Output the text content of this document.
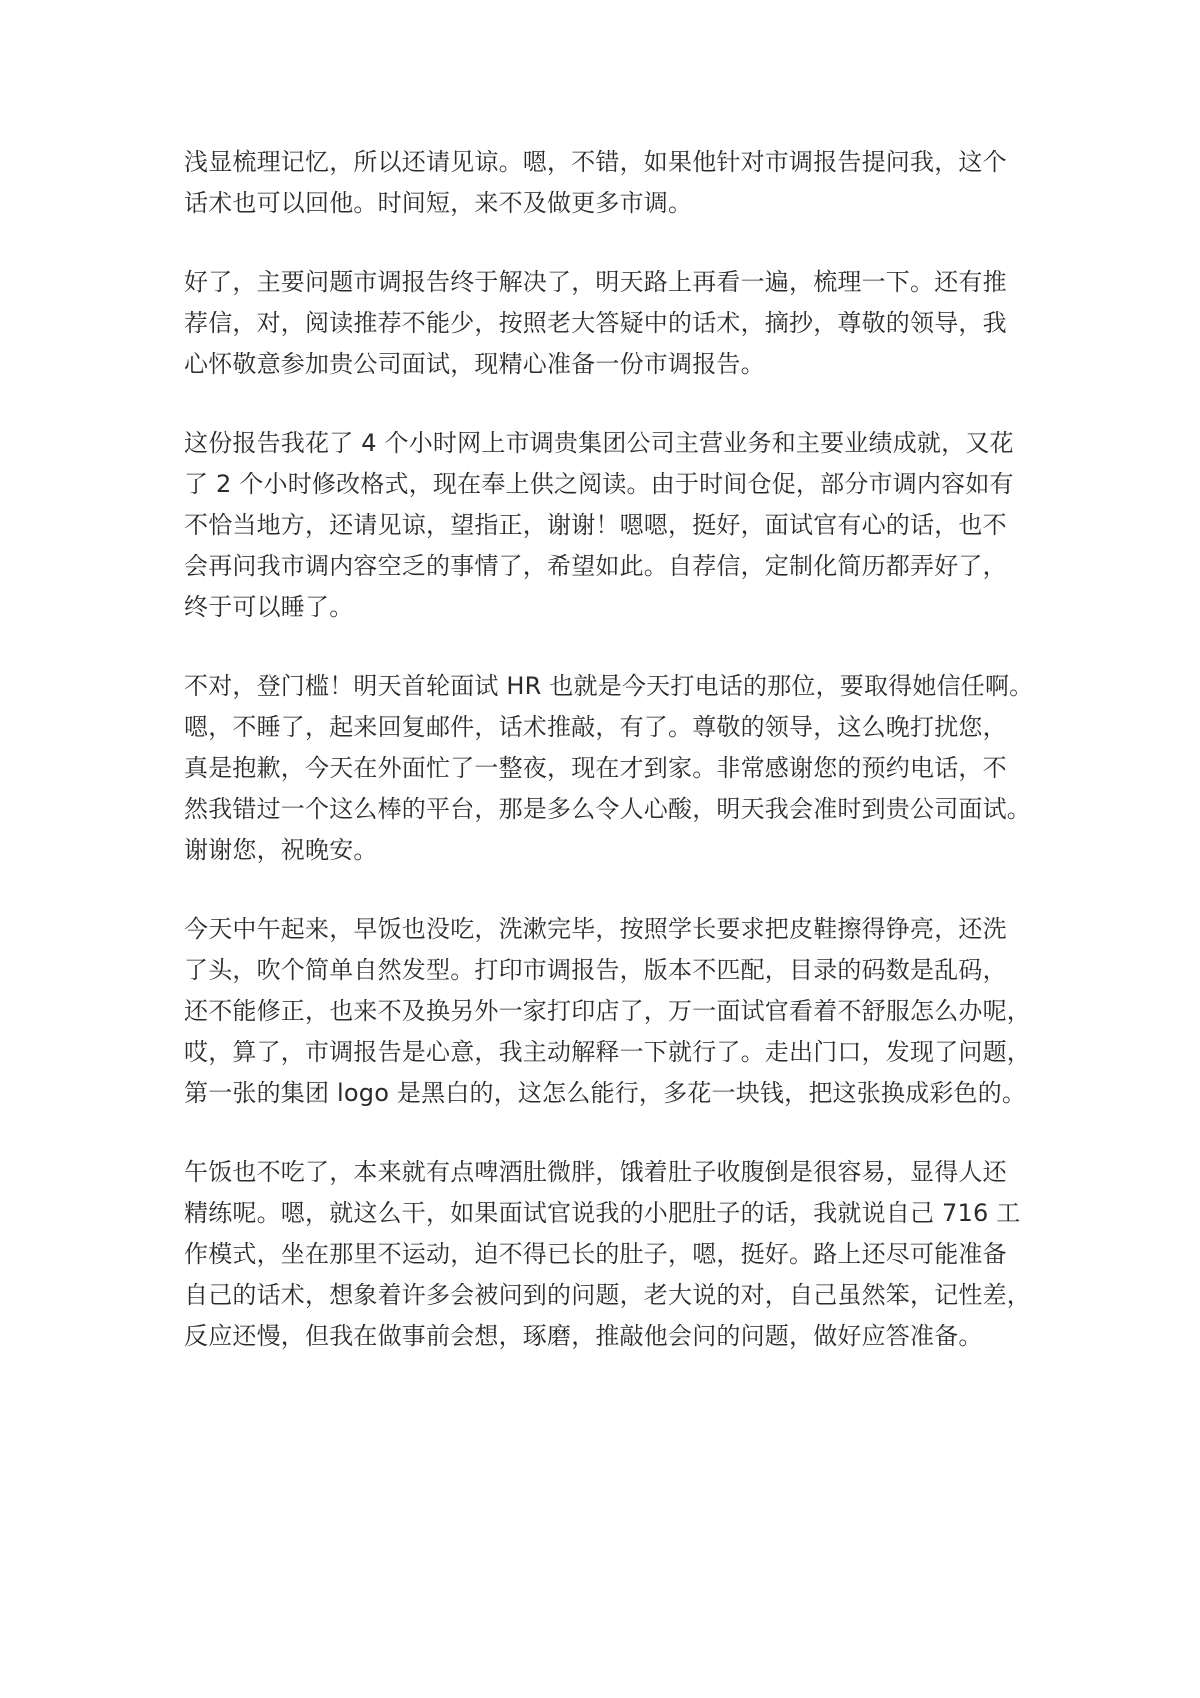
浅显梳理记忆，所以还请见谅。嗯，不错，如果他针对市调报告提问我，这个
话术也可以回他。时间短，来不及做更多市调。

好了，主要问题市调报告终于解决了，明天路上再看一遍，梳理一下。还有推
荐信，对，阅读推荐不能少，按照老大答疑中的话术，摘抄，尊敬的领导，我
心怀敬意参加贵公司面试，现精心准备一份市调报告。

这份报告我花了 4 个小时网上市调贵集团公司主营业务和主要业绩成就，又花
了 2 个小时修改格式，现在奉上供之阅读。由于时间仓促，部分市调内容如有
不恰当地方，还请见谅，望指正，谢谢！嗯嗯，挺好，面试官有心的话，也不
会再问我市调内容空乏的事情了，希望如此。自荐信，定制化简历都弄好了，
终于可以睡了。

不对，登门槛！明天首轮面试 HR 也就是今天打电话的那位，要取得她信任啊。
嗯，不睡了，起来回复邮件，话术推敲，有了。尊敬的领导，这么晚打扰您，
真是抱歉，今天在外面忙了一整夜，现在才到家。非常感谢您的预约电话，不
然我错过一个这么棒的平台，那是多么令人心酸，明天我会准时到贵公司面试。
谢谢您，祝晚安。

今天中午起来，早饭也没吃，洗漱完毕，按照学长要求把皮鞋擦得铮亮，还洗
了头，吹个简单自然发型。打印市调报告，版本不匹配，目录的码数是乱码，
还不能修正，也来不及换另外一家打印店了，万一面试官看着不舒服怎么办呢，
哎，算了，市调报告是心意，我主动解释一下就行了。走出门口，发现了问题，
第一张的集团 logo 是黑白的，这怎么能行，多花一块钱，把这张换成彩色的。

午饭也不吃了，本来就有点啤酒肚微胖，饿着肚子收腹倒是很容易，显得人还
精练呢。嗯，就这么干，如果面试官说我的小肥肚子的话，我就说自己 716 工
作模式，坐在那里不运动，迫不得已长的肚子，嗯，挺好。路上还尽可能准备
自己的话术，想象着许多会被问到的问题，老大说的对，自己虽然笨，记性差，
反应还慢，但我在做事前会想，琢磨，推敲他会问的问题，做好应答准备。
